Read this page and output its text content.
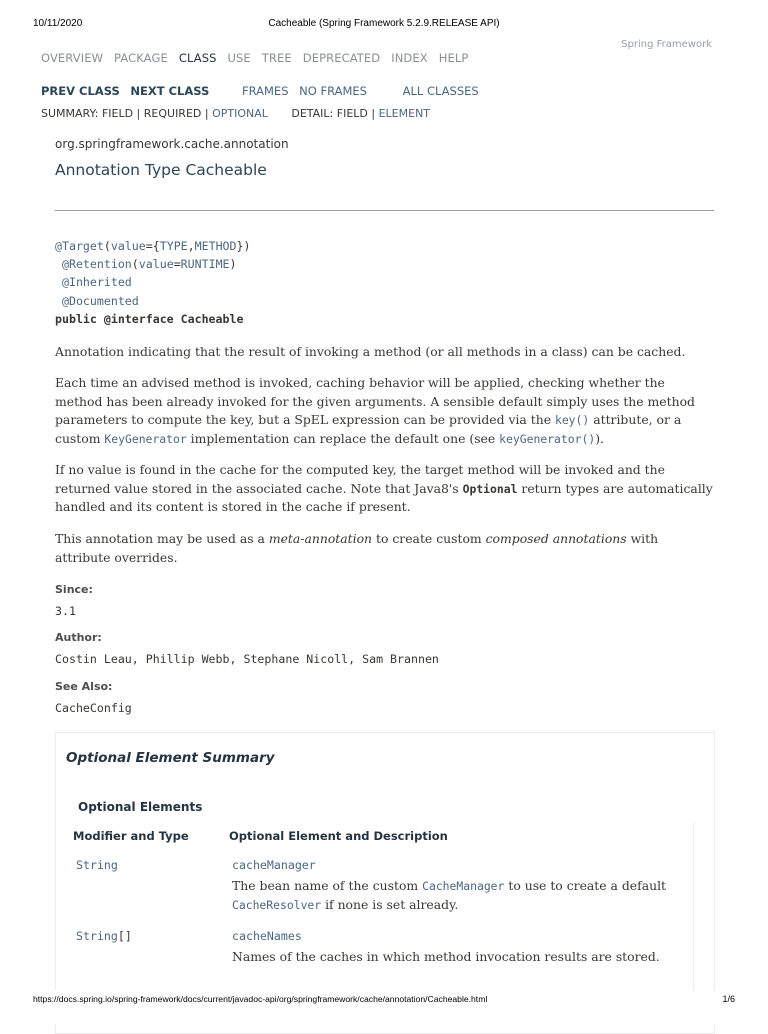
10/11/2020	Cacheable (Spring Framework 5.2.9.RELEASE API)
OVERVIEW PACKAGE CLASS USE TREE DEPRECATED INDEX HELP
Spring Framework
PREV CLASS NEXT CLASS	FRAMES NO FRAMES	ALL CLASSES
SUMMARY: FIELD | REQUIRED | OPTIONAL DETAIL: FIELD | ELEMENT
org.springframework.cache.annotation
Annotation Type Cacheable
@Target(value={TYPE,METHOD})
@Retention(value=RUNTIME)
@Inherited
@Documented
public @interface Cacheable
Annotation indicating that the result of invoking a method (or all methods in a class) can be cached.
Each time an advised method is invoked, caching behavior will be applied, checking whether the method has been already invoked for the given arguments. A sensible default simply uses the method parameters to compute the key, but a SpEL expression can be provided via the key() attribute, or a custom KeyGenerator implementation can replace the default one (see keyGenerator()).
If no value is found in the cache for the computed key, the target method will be invoked and the returned value stored in the associated cache. Note that Java8's Optional return types are automatically handled and its content is stored in the cache if present.
This annotation may be used as a meta-annotation to create custom composed annotations with attribute overrides.
Since:
3.1
Author:
Costin Leau, Phillip Webb, Stephane Nicoll, Sam Brannen
See Also:
CacheConfig
Optional Element Summary
Optional Elements
Modifier and Type	Optional Element and Description
String	cacheManager
The bean name of the custom CacheManager to use to create a default CacheResolver if none is set already.
String[]	cacheNames
Names of the caches in which method invocation results are stored.
https://docs.spring.io/spring-framework/docs/current/javadoc-api/org/springframework/cache/annotation/Cacheable.html	1/6
